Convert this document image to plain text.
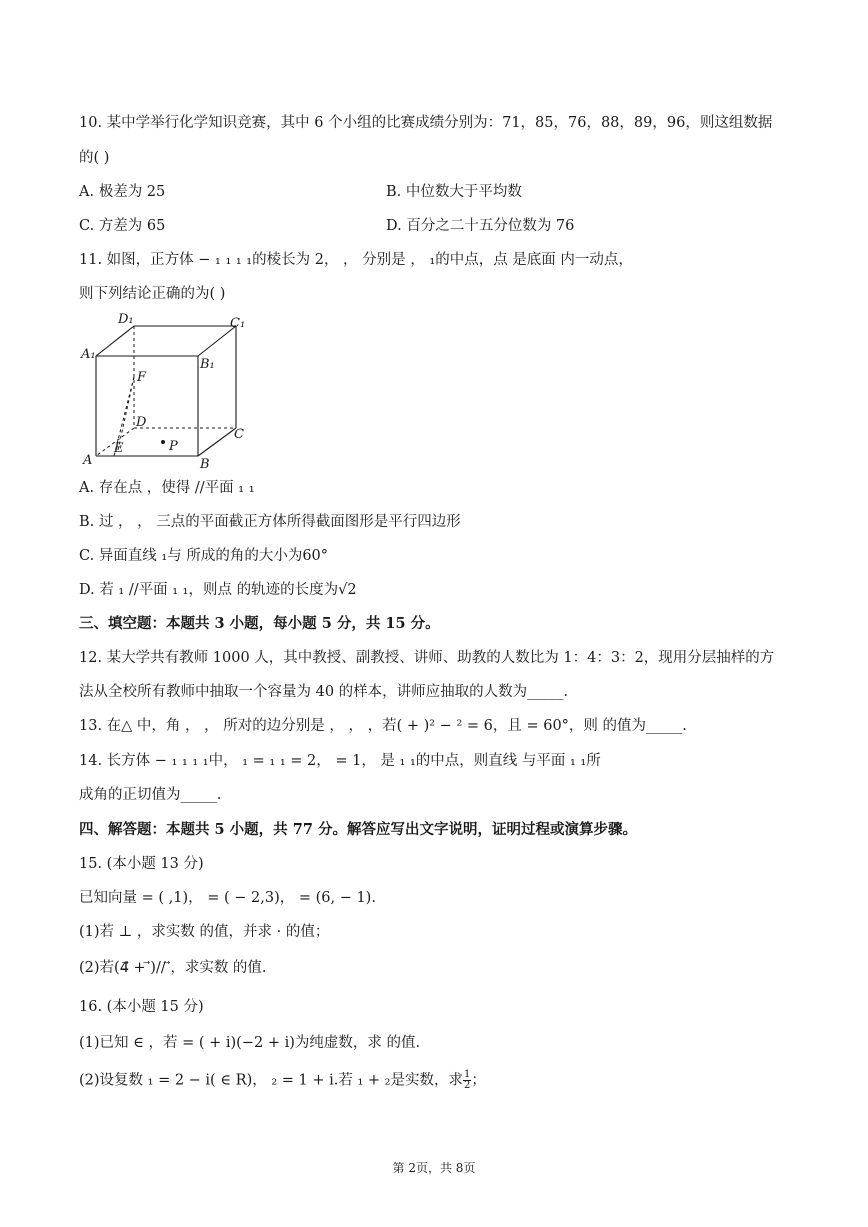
10. 某中学举行化学知识竞赛，其中 6 个小组的比赛成绩分别为：71，85，76，88，89，96，则这组数据
的( )
A. 极差为 25	B. 中位数大于平均数
C. 方差为 65	D. 百分之二十五分位数为 76
11. 如图，正方体 − ₁ ₁ ₁ ₁的棱长为 2， ， 分别是 ， ₁的中点，点 是底面 内一动点，
则下列结论正确的为( )
D₁	C₁
A₁
B₁
F
D
C
A
E	P
B
A. 存在点 ，使得 //平面 ₁ ₁
B. 过 ， ， 三点的平面截正方体所得截面图形是平行四边形
C. 异面直线 ₁与 所成的角的大小为60°
D. 若 ₁ //平面 ₁ ₁，则点 的轨迹的长度为√2
三、填空题：本题共 3 小题，每小题 5 分，共 15 分。
12. 某大学共有教师 1000 人，其中教授、副教授、讲师、助教的人数比为 1：4：3：2，现用分层抽样的方
法从全校所有教师中抽取一个容量为 40 的样本，讲师应抽取的人数为_____.
13. 在△ 中，角 ， ， 所对的边分别是 ， ， ，若( + )² − ² = 6，且 = 60°，则 的值为_____.
14. 长方体 − ₁ ₁ ₁ ₁中， ₁ = ₁ ₁ = 2， = 1， 是 ₁ ₁的中点，则直线 与平面 ₁ ₁所
成角的正切值为_____.
四、解答题：本题共 5 小题，共 77 分。解答应写出文字说明，证明过程或演算步骤。
15. (本小题 13 分)
已知向量 = ( ,1)， = ( − 2,3)， = (6, − 1).
(1)若 ⊥ ，求实数 的值，并求 · 的值；
(2)若(4⃗ + ⃗)// ⃗，求实数 的值.
16. (本小题 15 分)
(1)已知 ∈ ，若 = ( + i)(−2 + i)为纯虚数，求 的值.
(2)设复数 ₁ = 2 − i( ∈ R)， ₂ = 1 + i.若 ₁ + ₂是实数，求 $\frac{1}{2}$ ；
第 2页，共 8页
